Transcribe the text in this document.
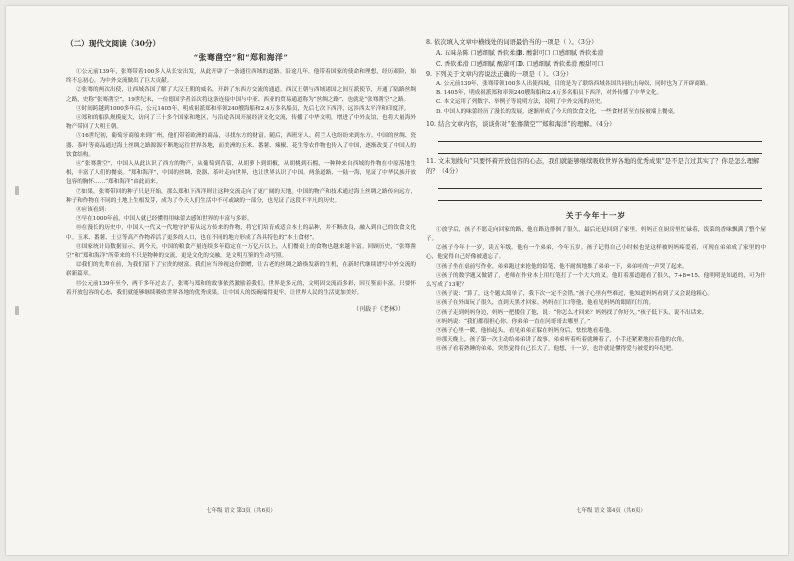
（二）现代文阅读（30分）
“张骞凿空”和“郑和海洋”

①公元前139年，张骞带着100多人从长安出发，从此开辟了一条通往西域的道路。沿途几年，他带着国家的使命和理想，经历艰险，始终不忘初心，为中外交流做出了巨大贡献。

②张骞的两次出使，让西域各国了解了大汉王朝的威名，开辟了东西方交流的通道。西汉王朝与西域诸国之间互派使节，开通了陆路丝绸之路，史称“张骞凿空”。19世纪末，一位德国学者首次将这条连接中国与中亚、西亚的贸易通道称为“丝绸之路”，也就是“张骞凿空”之路。

③时间跨越到1000多年后，公元1405年，明成祖派郑和率领240艘海船和2.4万多名船员，先后七次下西洋，远涉西太平洋和印度洋。

④郑和的船队规模庞大，访问了三十多个国家和地区，与沿途各国开展经济文化交流，传播了中华文明，增进了中外友谊，也将大量海外物产带回了大明王朝。

⑤16世纪初，葡萄牙商船来到广州，他们带着欧洲的商品，寻找东方的财富。随后，西班牙人、荷兰人也纷纷来到东方。中国的丝绸、瓷器、茶叶等商品通过海上丝绸之路源源不断地运往世界各地，而美洲的玉米、番薯、辣椒、花生等农作物也传入了中国，逐渐改变了中国人的饮食结构。

⑥“张骞凿空”，中国人从此认识了西方的物产，从葡萄到苜蓿，从胡萝卜到胡椒，从胡桃到石榴，一种种来自西域的作物在中原落地生根，丰富了人们的餐桌。“郑和海洋”，中国的丝绸、瓷器、茶叶走向世界，也让世界认识了中国。两条道路，一陆一海，见证了中华民族开放包容的胸怀……“郑和海洋”由此而来。

⑦如果，张骞带回的种子只是开始，那么郑和下西洋则让这种交流走向了更广阔的天地。中国的物产和技术通过海上丝绸之路传向远方，种子和作物在不同的土地上生根发芽，成为了今天人们生活中不可或缺的一部分，也见证了这段不平凡的历史。

⑧应该看到：

⑨早在1000年前，中国人就已经懂得用味蕾去感知世界的丰富与多彩。

⑩在漫长的历史中，中国人一代又一代地守护着从远方传来的作物，将它们培育成适合本土的品种，并不断改良，融入到自己的饮食文化中。玉米、番薯、土豆等高产作物养活了更多的人口，也在不同的地方形成了各具特色的“本土食材”。

⑪国家统计局数据显示，到今天，中国的粮食产量连续多年稳定在一万亿斤以上，人们餐桌上的食物也越来越丰富。回顾历史，“张骞凿空”和“郑和海洋”所带来的不只是物种的交流，更是文化的交融，是文明互鉴的生动写照。

⑫我们的先辈在前，为我们留下了宝贵的财富。我们应当珍视这份馈赠，让古老的丝绸之路焕发新的生机，在新时代继续谱写中外交流的崭新篇章。

⑬公元前139年至今，两千多年过去了，张骞与郑和的故事依然激励着我们。世界是多元的，文明因交流而多彩，因互鉴而丰富。只要怀着开放包容的心态，我们就能够继续吸收世界各地的优秀成果，让中国人的饭碗端得更牢，让世界人民的生活更加美好。

（刊载于《老林》）

8. 依次填入文章中横线处的词语最恰当的一项是（ ）。（3分）

A. 五味杂陈 口感细腻 香软柔滑
B. 酸甜可口 口感细腻 香软柔滑
C. 香软柔滑 口感细腻 酸甜可口
D. 口感细腻 香软柔滑 酸甜可口

9. 下列关于文章内容说法正确的一项是（ ）。（3分）

A. 公元前139年，张骞带领100多人出使西域，目的是为了联络西域各国共同抗击匈奴，同时也为了开辟商路。

B. 1405年，明成祖派郑和率领240艘海船和2.4万多名船员下西洋，对外传播了中华文化。

C. 本文运用了列数字、举例子等说明方法，说明了中外交流的历史。

D. 中国人的味蕾经历了漫长的发展，逐渐形成了今天的饮食文化，一些食材甚至直接被端上餐桌。

10. 结合文章内容，谈谈你对“张骞凿空”“郑和海洋”的理解。（4分）

11. 文末划线句“只要怀着开放包容的心态，我们就能够继续吸收世界各地的优秀成果”是不是言过其实了？你是怎么理解的？（4分）

关于今年十一岁

①放学后，孩子不愿走向回家的路，他在路边徘徊了很久，最后还是回到了家里。妈妈正在厨房里忙碌着，饭菜的香味飘满了整个屋子。

②孩子今年十一岁，读五年级。他有一个弟弟，今年五岁。孩子记得自己小时候也是这样被妈妈疼爱着，可现在弟弟成了家里的中心，他觉得自己好像被遗忘了。

③孩子坐在桌前写作业，弟弟跑过来抢他的铅笔，他不耐烦地推了弟弟一下，弟弟哇的一声哭了起来。

④孩子的数学题又做错了，老师在作业本上用红笔打了一个大大的叉。他盯着那道题看了很久，7+8=15，他明明是知道的，可为什么写成了13呢？

⑤孩子说：“算了，这个题太简单了，我下次一定不会错。”孩子心里有些难过，他知道妈妈看到了又会说他粗心。

⑥孩子在外面玩了很久，直到天黑才回家。妈妈在门口等他，他看见妈妈的眼睛红红的。

⑦孩子走到妈妈身边，妈妈一把搂住了他，说：“你怎么才回来？妈妈找了你好久。”孩子低下头，说不出话来。

⑧妈妈说：“我们都很担心你，你弟弟一直在问哥哥去哪里了。”

⑨孩子心里一暖，他抬起头，看见弟弟正躲在妈妈身后，怯怯地看着他。

⑩那天晚上，孩子第一次主动给弟弟讲了故事。弟弟听着听着就睡着了，小手还紧紧地拉着他的衣角。

⑪孩子看着熟睡的弟弟，突然觉得自己长大了。他想，十一岁，也许就是懂得爱与被爱的年纪吧。

七年级 语文 第3页（共6页）	七年级 语文 第4页（共6页）
